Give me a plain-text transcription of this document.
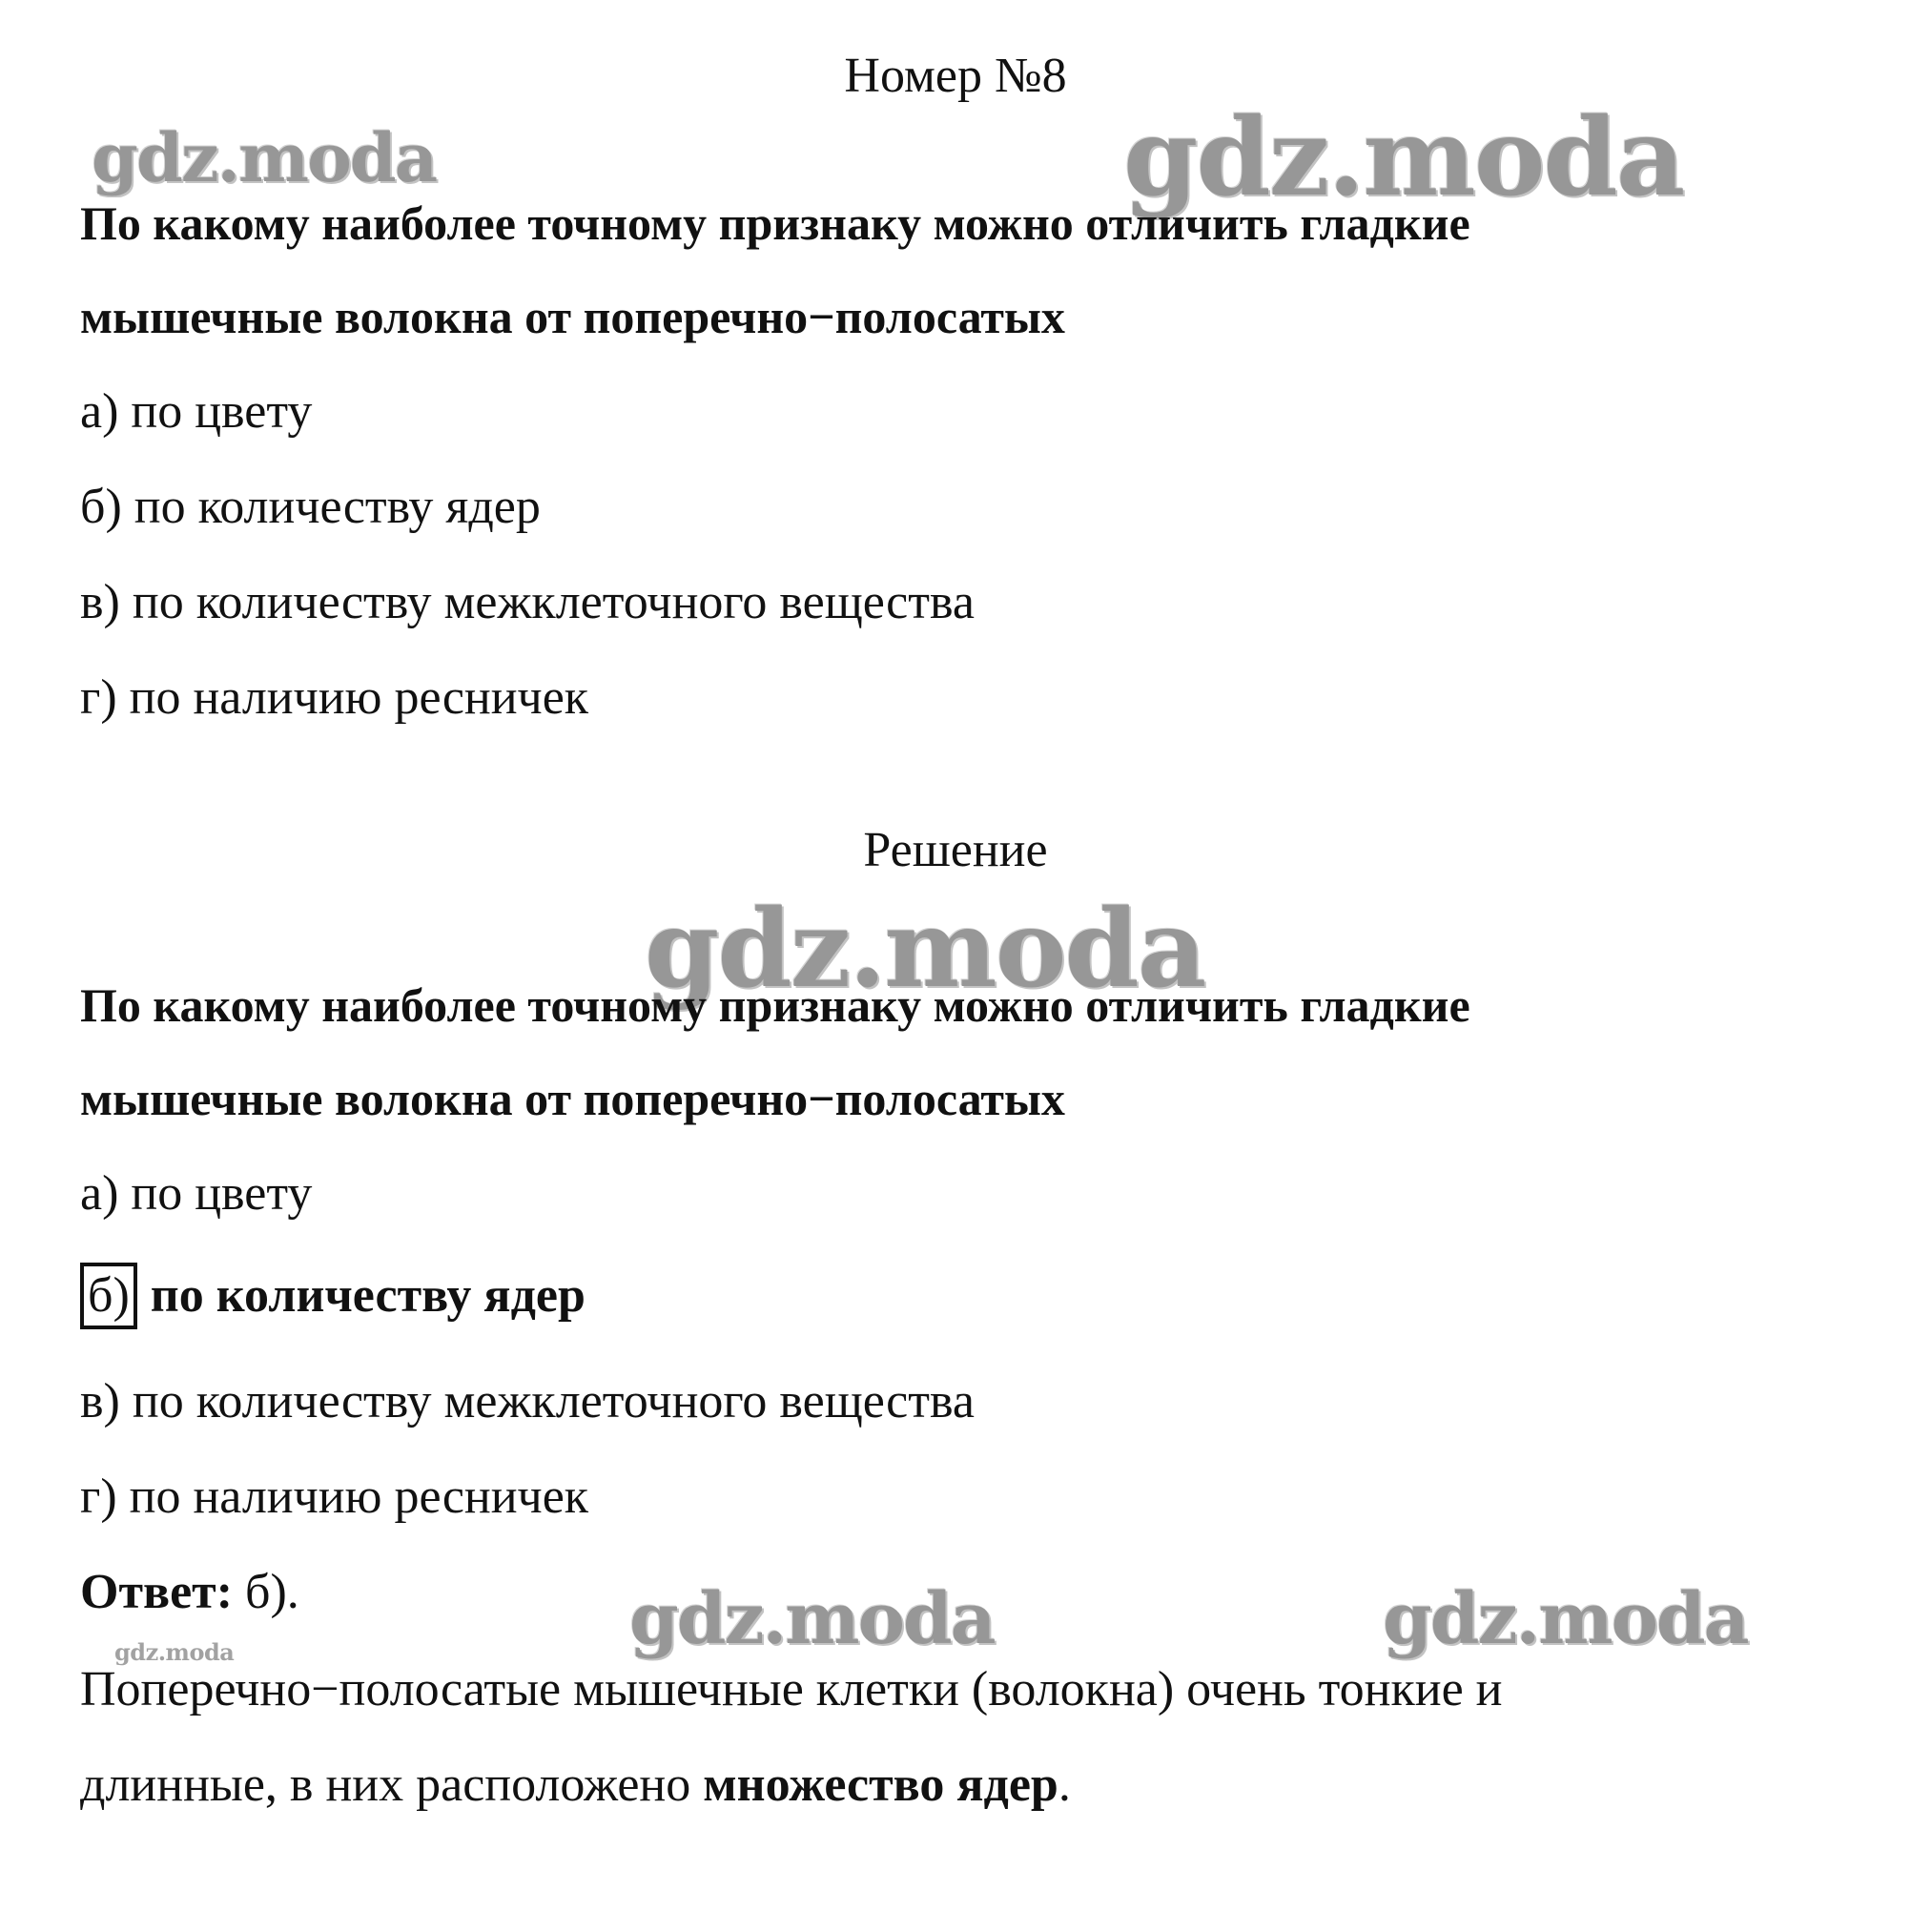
Номер №8
gdz.moda	gdz.moda
gdz.moda
gdz.moda	gdz.moda
gdz.moda
По какому наиболее точному признаку можно отличить гладкие
мышечные волокна от поперечно−полосатых
а) по цвету
б) по количеству ядер
в) по количеству межклеточного вещества
г) по наличию ресничек
Решение
По какому наиболее точному признаку можно отличить гладкие
мышечные волокна от поперечно−полосатых
а) по цвету
б) по количеству ядер
в) по количеству межклеточного вещества
г) по наличию ресничек
Ответ: б).
Поперечно−полосатые мышечные клетки (волокна) очень тонкие и
длинные, в них расположено множество ядер.
